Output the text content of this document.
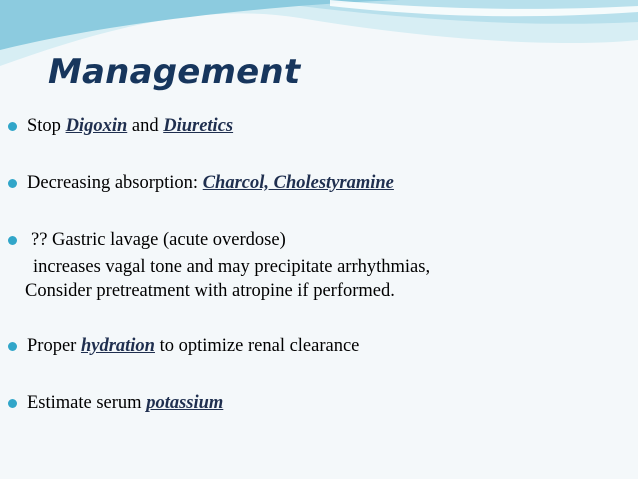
Management
Stop Digoxin and Diuretics
Decreasing absorption: Charcol, Cholestyramine
?? Gastric lavage (acute overdose)
increases vagal tone and may precipitate arrhythmias,
Consider pretreatment with atropine if performed.
Proper hydration to optimize renal clearance
Estimate serum potassium
